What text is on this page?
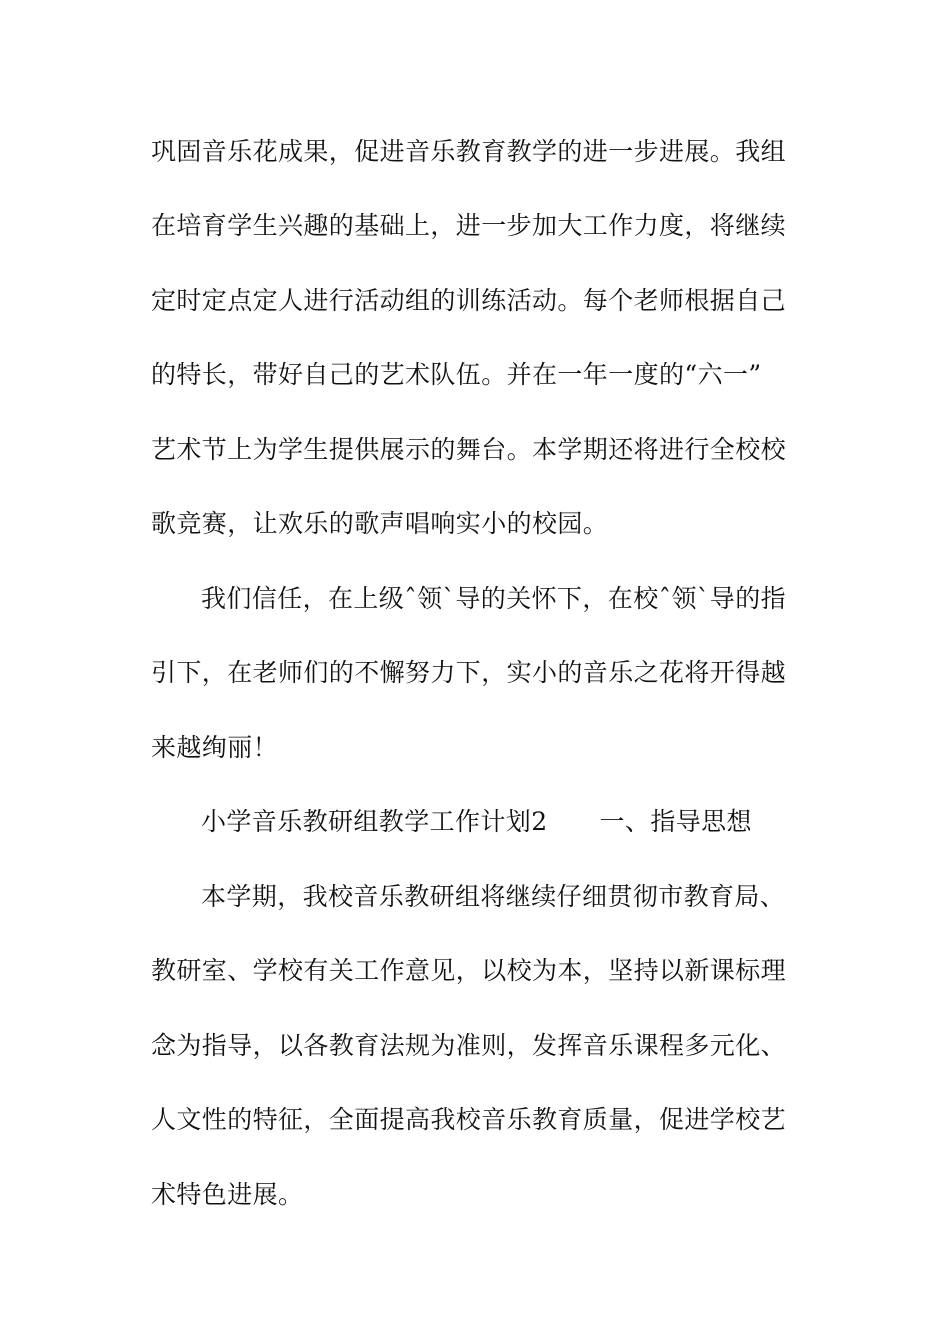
巩固音乐花成果，促进音乐教育教学的进一步进展。我组
在培育学生兴趣的基础上，进一步加大工作力度，将继续
定时定点定人进行活动组的训练活动。每个老师根据自己
的特长，带好自己的艺术队伍。并在一年一度的“六一”
艺术节上为学生提供展示的舞台。本学期还将进行全校校
歌竞赛，让欢乐的歌声唱响实小的校园。
我们信任，在上级ˆ领ˋ导的关怀下，在校ˆ领ˋ导的指
引下，在老师们的不懈努力下，实小的音乐之花将开得越
来越绚丽！
小学音乐教研组教学工作计划2 一、指导思想
本学期，我校音乐教研组将继续仔细贯彻市教育局、
教研室、学校有关工作意见，以校为本，坚持以新课标理
念为指导，以各教育法规为准则，发挥音乐课程多元化、
人文性的特征，全面提高我校音乐教育质量，促进学校艺
术特色进展。
